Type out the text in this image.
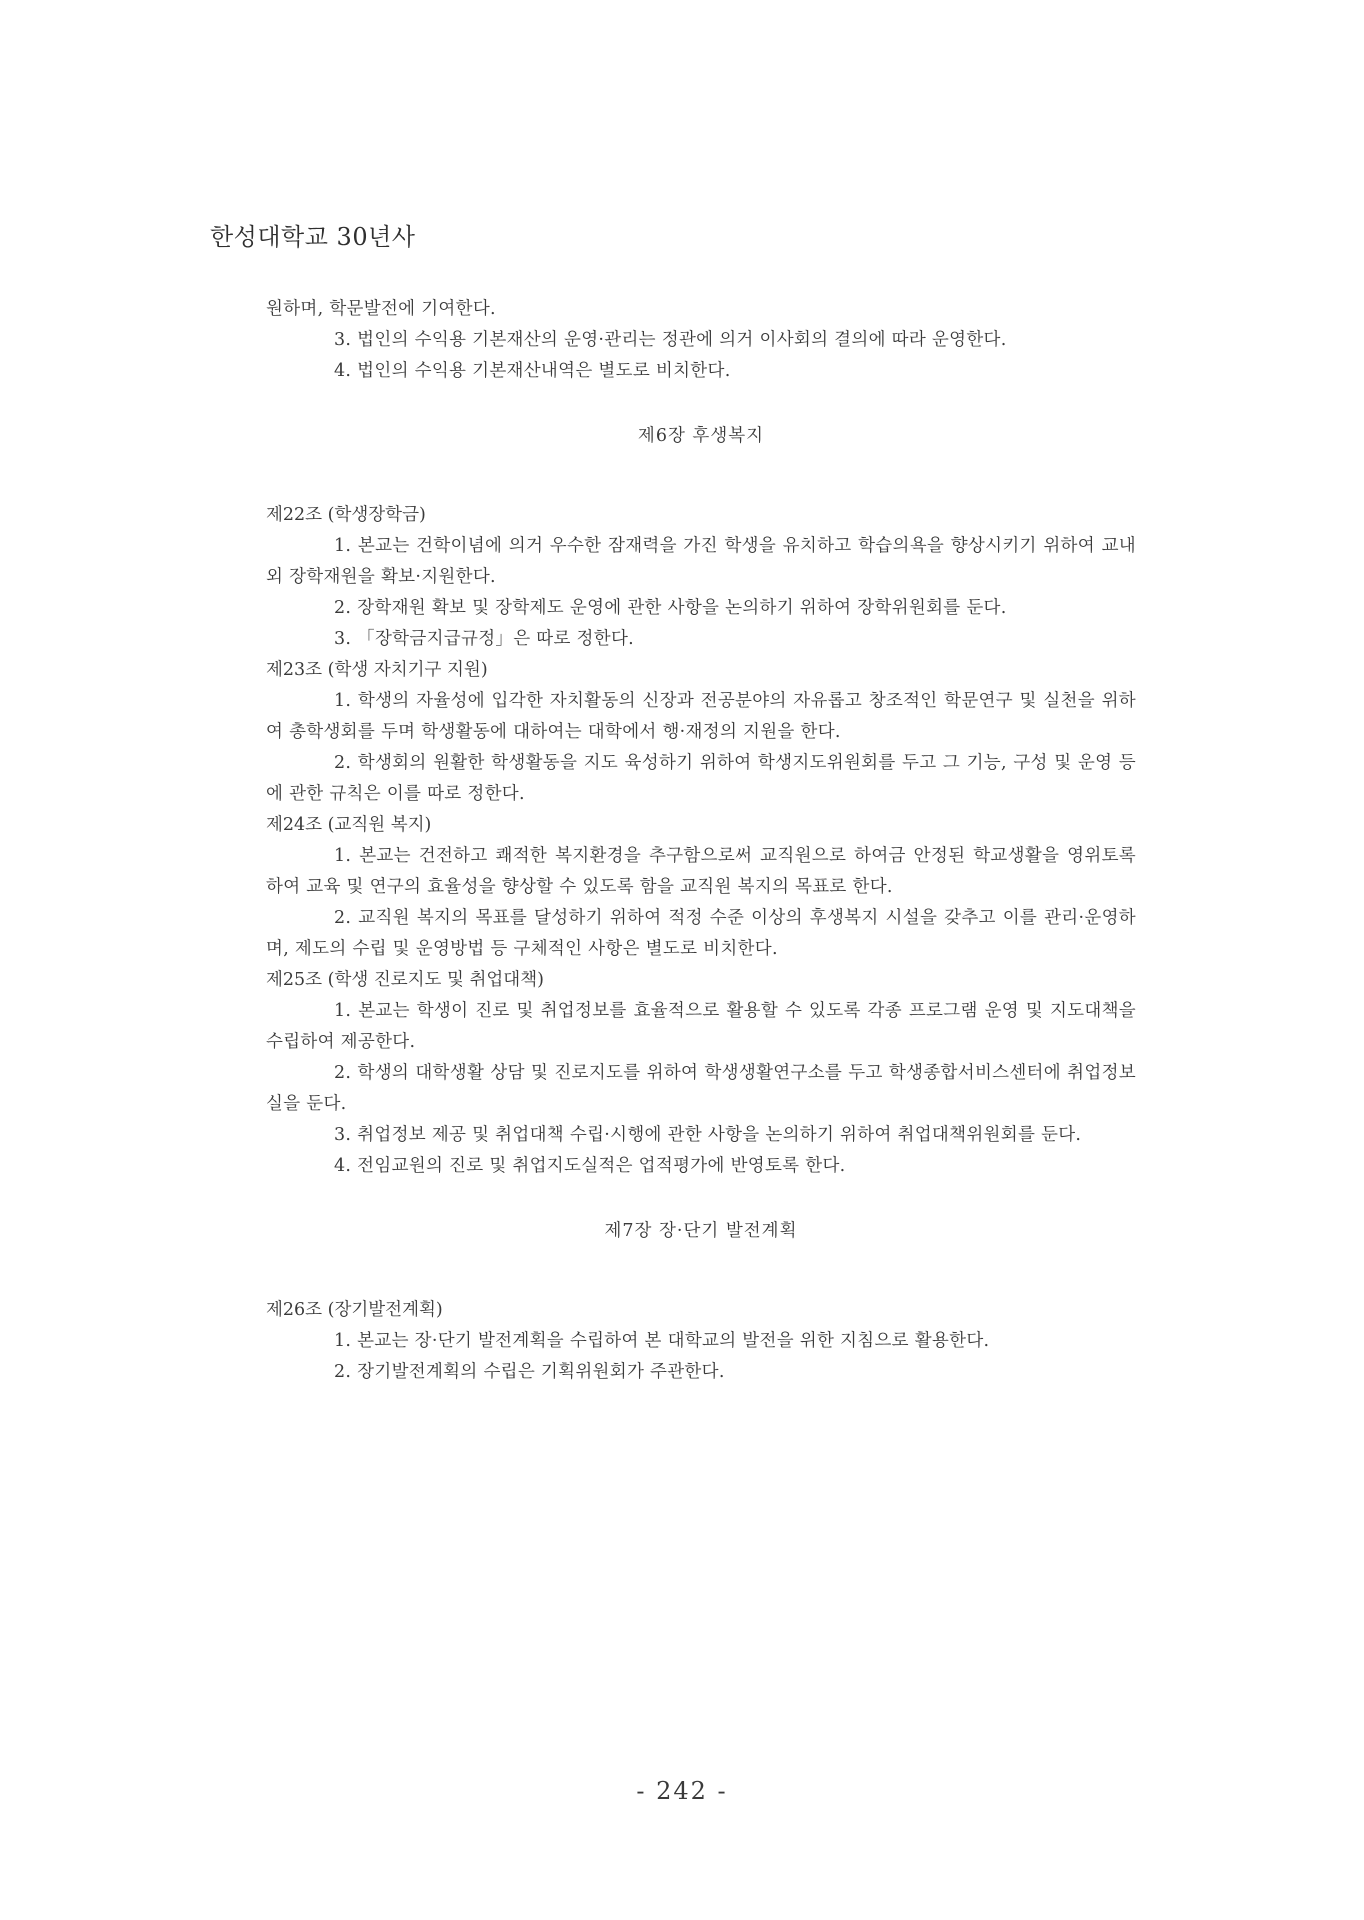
한성대학교 30년사

원하며, 학문발전에 기여한다.

3. 법인의 수익용 기본재산의 운영·관리는 정관에 의거 이사회의 결의에 따라 운영한다.

4. 법인의 수익용 기본재산내역은 별도로 비치한다.

제6장 후생복지

제22조 (학생장학금)

1. 본교는 건학이념에 의거 우수한 잠재력을 가진 학생을 유치하고 학습의욕을 향상시키기 위하여 교내외 장학재원을 확보·지원한다.

2. 장학재원 확보 및 장학제도 운영에 관한 사항을 논의하기 위하여 장학위원회를 둔다.

3. 「장학금지급규정」은 따로 정한다.

제23조 (학생 자치기구 지원)

1. 학생의 자율성에 입각한 자치활동의 신장과 전공분야의 자유롭고 창조적인 학문연구 및 실천을 위하여 총학생회를 두며 학생활동에 대하여는 대학에서 행·재정의 지원을 한다.

2. 학생회의 원활한 학생활동을 지도 육성하기 위하여 학생지도위원회를 두고 그 기능, 구성 및 운영 등에 관한 규칙은 이를 따로 정한다.

제24조 (교직원 복지)

1. 본교는 건전하고 쾌적한 복지환경을 추구함으로써 교직원으로 하여금 안정된 학교생활을 영위토록 하여 교육 및 연구의 효율성을 향상할 수 있도록 함을 교직원 복지의 목표로 한다.

2. 교직원 복지의 목표를 달성하기 위하여 적정 수준 이상의 후생복지 시설을 갖추고 이를 관리·운영하며, 제도의 수립 및 운영방법 등 구체적인 사항은 별도로 비치한다.

제25조 (학생 진로지도 및 취업대책)

1. 본교는 학생이 진로 및 취업정보를 효율적으로 활용할 수 있도록 각종 프로그램 운영 및 지도대책을 수립하여 제공한다.

2. 학생의 대학생활 상담 및 진로지도를 위하여 학생생활연구소를 두고 학생종합서비스센터에 취업정보실을 둔다.

3. 취업정보 제공 및 취업대책 수립·시행에 관한 사항을 논의하기 위하여 취업대책위원회를 둔다.

4. 전임교원의 진로 및 취업지도실적은 업적평가에 반영토록 한다.

제7장 장·단기 발전계획

제26조 (장기발전계획)

1. 본교는 장·단기 발전계획을 수립하여 본 대학교의 발전을 위한 지침으로 활용한다.

2. 장기발전계획의 수립은 기획위원회가 주관한다.

- 242 -
